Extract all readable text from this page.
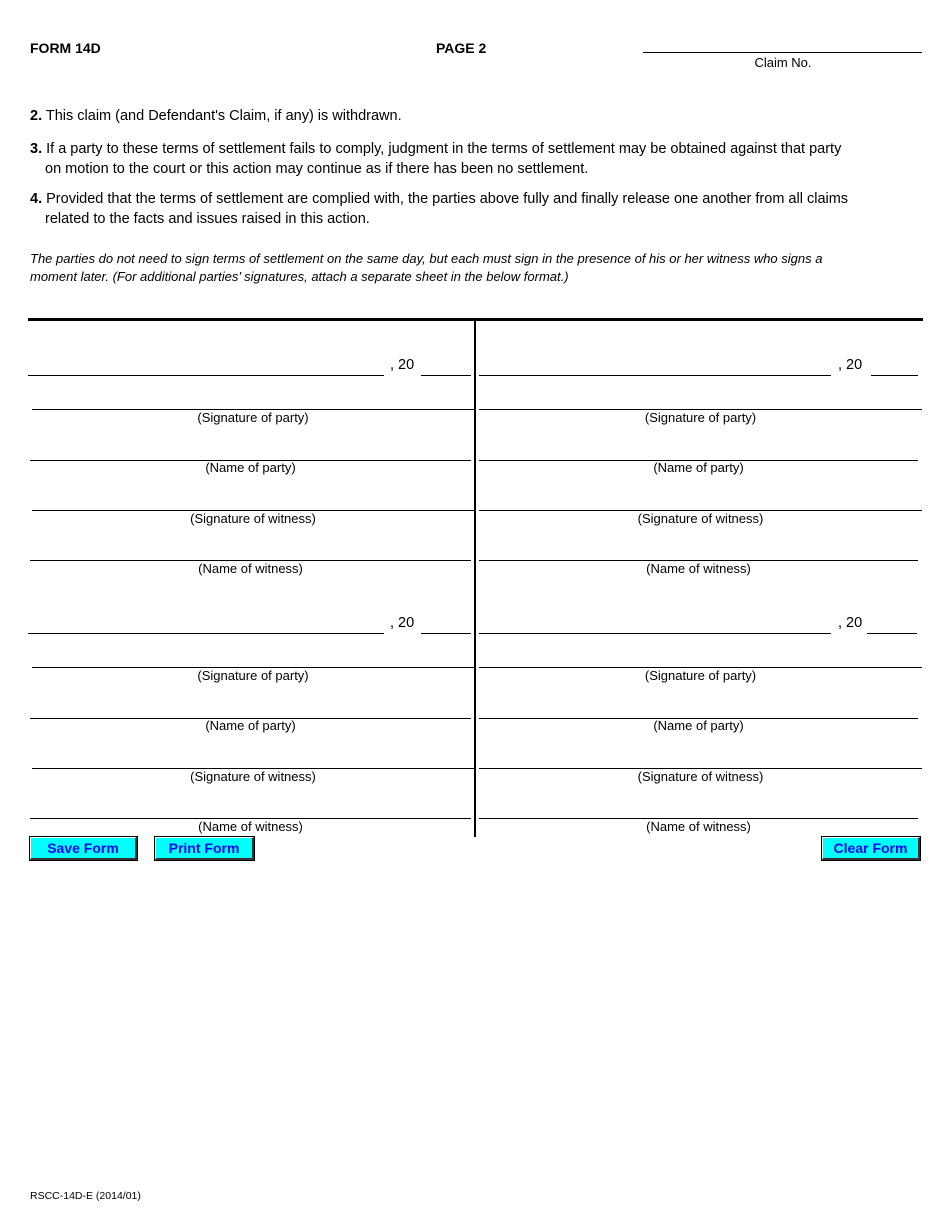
FORM 14D	PAGE 2
Claim No.
2. This claim (and Defendant's Claim, if any) is withdrawn.
3. If a party to these terms of settlement fails to comply, judgment in the terms of settlement may be obtained against that party
on motion to the court or this action may continue as if there has been no settlement.
4. Provided that the terms of settlement are complied with, the parties above fully and finally release one another from all claims
related to the facts and issues raised in this action.
The parties do not need to sign terms of settlement on the same day, but each must sign in the presence of his or her witness who signs a
moment later. (For additional parties’ signatures, attach a separate sheet in the below format.)
, 20
(Signature of party)
(Name of party)
(Signature of witness)
(Name of witness)
, 20
(Signature of party)
(Name of party)
(Signature of witness)
(Name of witness)
, 20
(Signature of party)
(Name of party)
(Signature of witness)
(Name of witness)
, 20
(Signature of party)
(Name of party)
(Signature of witness)
(Name of witness)
Save Form	Print Form	Clear Form
RSCC-14D-E (2014/01)
